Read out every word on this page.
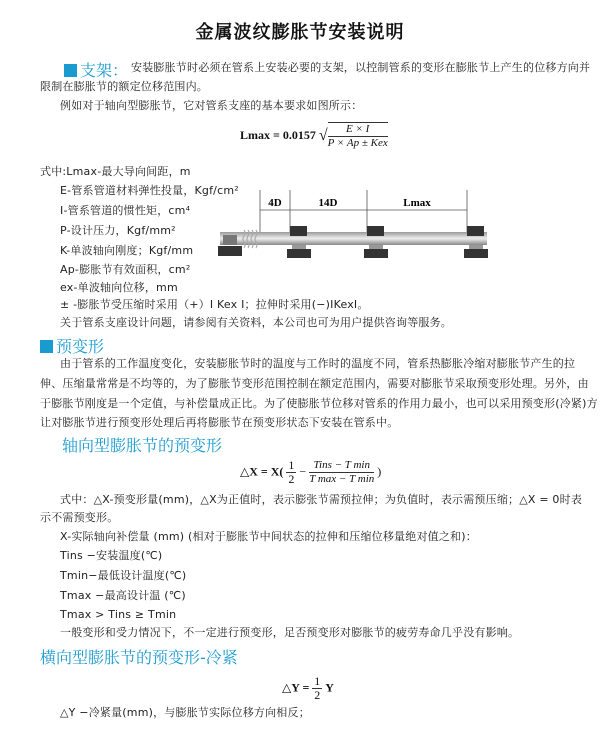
金属波纹膨胀节安装说明
支架： 安装膨胀节时必须在管系上安装必要的支架，以控制管系的变形在膨胀节上产生的位移方向并
限制在膨胀节的额定位移范围内。
例如对于轴向型膨胀节，它对管系支座的基本要求如图所示：
Lmax = 0.0157 √ $\frac{E \times I}{\text{P × Ap ± Kex}}$
式中:Lmax-最大导向间距，m
E-管系管道材料弹性投量，Kgf/cm²
I-管系管道的惯性矩，cm⁴
P-设计压力，Kgf/mm²
K-单波轴向刚度；Kgf/mm
Ap-膨胀节有效面积，cm²
ex-单波轴向位移，mm
± -膨胀节受压缩时采用（+）I Kex I；拉伸时采用(−)IKexI。
关于管系支座设计问题，请参阅有关资料，本公司也可为用户提供咨询等服务。
4D	14D	Lmax
预变形
由于管系的工作温度变化，安装膨胀节时的温度与工作时的温度不同，管系热膨胀冷缩对膨胀节产生的拉
伸、压缩量常常是不均等的，为了膨胀节变形范围控制在额定范围内，需要对膨胀节采取预变形处理。另外，由
于膨胀节刚度是一个定值，与补偿量成正比。为了使膨胀节位移对管系的作用力最小，也可以采用预变形(冷紧)方
让对膨胀节进行预变形处理后再将膨胀节在预变形状态下安装在管系中。
轴向型膨胀节的预变形
△X = $X( \frac{1}{2} - \frac{\text{Tins − T min}}{\text{T max − T min}}$ )
式中：△X-预变形量(mm)，△X为正值时，表示膨张节需预拉伸；为负值时，表示需预压缩；△X = 0时表
示不需预变形。
X-实际轴向补偿量 (mm) (相对于膨胀节中间状态的拉伸和压缩位移量绝对值之和)：
Tins −安装温度(℃)
Tmin−最低设计温度(℃)
Tmax −最高设计温 (℃)
Tmax > Tins ≥ Tmin
一般变形和受力情况下，不一定进行预变形，足否预变形对膨胀节的疲劳寿命几乎没有影响。
横向型膨胀节的预变形-冷紧
△Y = $\frac{1}{2}$ Y
△Y −冷紧量(mm)，与膨胀节实际位移方向相反；
